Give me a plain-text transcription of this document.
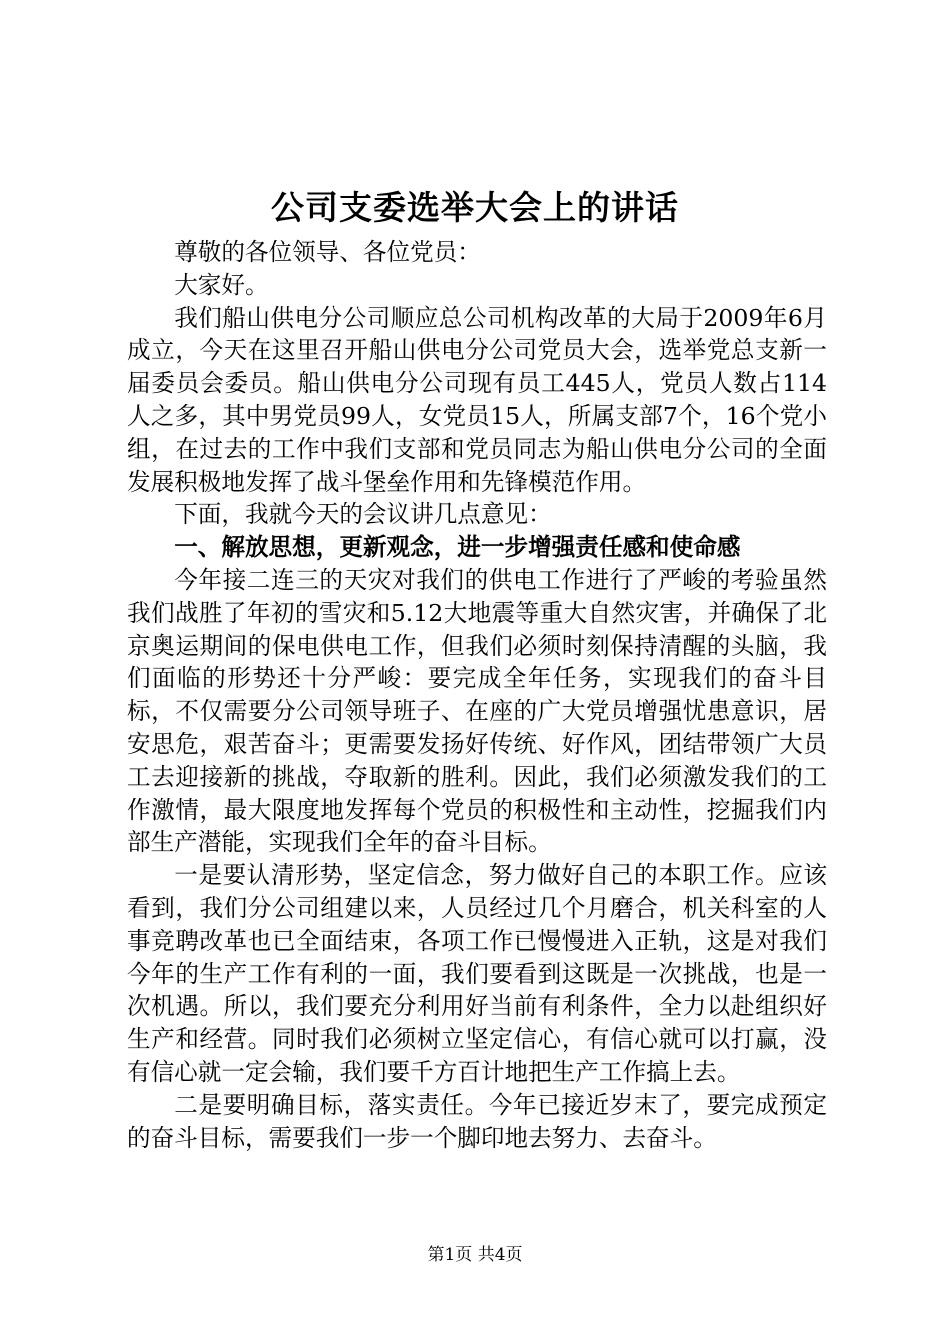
公司支委选举大会上的讲话

尊敬的各位领导、各位党员：

大家好。

我们船山供电分公司顺应总公司机构改革的大局于2009年6月成立，今天在这里召开船山供电分公司党员大会，选举党总支新一届委员会委员。船山供电分公司现有员工445人，党员人数占114人之多，其中男党员99人，女党员15人，所属支部7个，16个党小组，在过去的工作中我们支部和党员同志为船山供电分公司的全面发展积极地发挥了战斗堡垒作用和先锋模范作用。

下面，我就今天的会议讲几点意见：

一、解放思想，更新观念，进一步增强责任感和使命感

今年接二连三的天灾对我们的供电工作进行了严峻的考验虽然我们战胜了年初的雪灾和5.12大地震等重大自然灾害，并确保了北京奥运期间的保电供电工作，但我们必须时刻保持清醒的头脑，我们面临的形势还十分严峻：要完成全年任务，实现我们的奋斗目标，不仅需要分公司领导班子、在座的广大党员增强忧患意识，居安思危，艰苦奋斗；更需要发扬好传统、好作风，团结带领广大员工去迎接新的挑战，夺取新的胜利。因此，我们必须激发我们的工作激情，最大限度地发挥每个党员的积极性和主动性，挖掘我们内部生产潜能，实现我们全年的奋斗目标。

一是要认清形势，坚定信念，努力做好自己的本职工作。应该看到，我们分公司组建以来，人员经过几个月磨合，机关科室的人事竞聘改革也已全面结束，各项工作已慢慢进入正轨，这是对我们今年的生产工作有利的一面，我们要看到这既是一次挑战，也是一次机遇。所以，我们要充分利用好当前有利条件，全力以赴组织好生产和经营。同时我们必须树立坚定信心，有信心就可以打赢，没有信心就一定会输，我们要千方百计地把生产工作搞上去。

二是要明确目标，落实责任。今年已接近岁末了，要完成预定的奋斗目标，需要我们一步一个脚印地去努力、去奋斗。

第1页 共4页
